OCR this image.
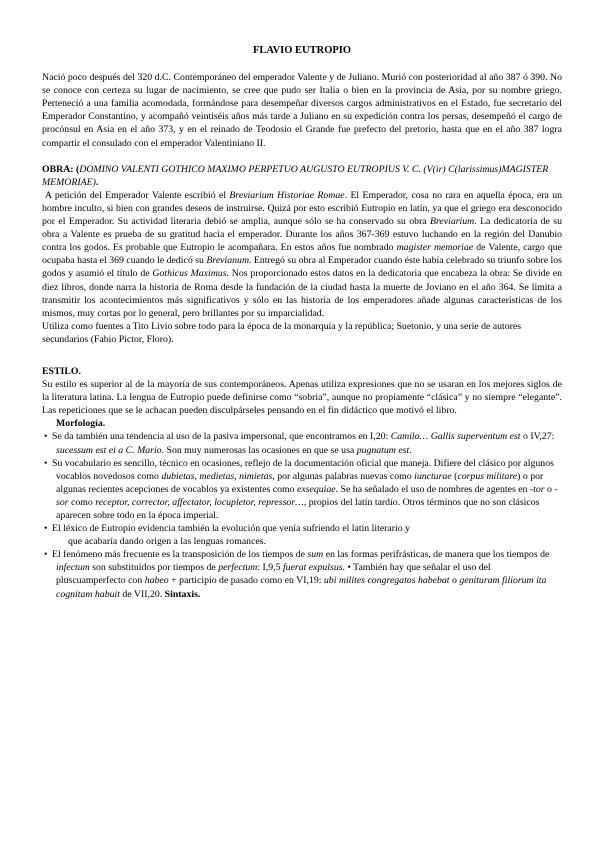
FLAVIO EUTROPIO

Nació poco después del 320 d.C. Contemporáneo del emperador Valente y de Juliano. Murió con posterioridad al año 387 ó 390. No se conoce con certeza su lugar de nacimiento, se cree que pudo ser Italia o bien en la provincia de Asia, por su nombre griego. Perteneció a una familia acomodada, formándose para desempeñar diversos cargos administrativos en el Estado, fue secretario del Emperador Constantino, y acompañó veintiséis años más tarde a Juliano en su expedición contra los persas, desempeñó el cargo de procónsul en Asia en el año 373, y en el reinado de Teodosio el Grande fue prefecto del pretorio, hasta que en el año 387 logra compartir el consulado con el emperador Valentiniano II.

OBRA: (DOMINO VALENTI GOTHICO MAXIMO PERPETUO AUGUSTO EUTROPIUS V. C. (V(ir) C(larissimus)MAGISTER MEMORIAE).

A petición del Emperador Valente escribió el Breviarium Historiae Romae. El Emperador, cosa no rara en aquella época, era un hombre inculto, si bien con grandes deseos de instruirse. Quizá por esto escribió Eutropio en latín, ya que el griego era desconocido por el Emperador. Su actividad literaria debió se amplia, aunque sólo se ha conservado su obra Breviarium. La dedicatoria de su obra a Valente es prueba de su gratitud hacia el emperador. Durante los años 367-369 estuvo luchando en la región del Danubio contra los godos. Es probable que Eutropio le acompañara. En estos años fue nombrado magister memoriae de Valente, cargo que ocupaba hasta el 369 cuando le dedicó su Brevianum. Entregó su obra al Emperador cuando éste había celebrado su triunfo sobre los godos y asumió el título de Gothicus Maximus. Nos proporcionado estos datos en la dedicatoria que encabeza la obra: Se divide en diez libros, donde narra la historia de Roma desde la fundación de la ciudad hasta la muerte de Joviano en el año 364. Se limita a transmitir los acontecimientos más significativos y sólo en las historia de los emperadores añade algunas características de los mismos, muy cortas por lo general, pero brillantes por su imparcialidad.

Utiliza como fuentes a Tito Livio sobre todo para la época de la monarquía y la república; Suetonio, y una serie de autores secundarios (Fabio Pictor, Floro).

ESTILO.

Su estilo es superior al de la mayoría de sus contemporáneos. Apenas utiliza expresiones que no se usaran en los mejores siglos de la literatura latina. La lengua de Eutropio puede definirse como “sobria”, aunque no propiamente “clásica” y no siempre “elegante”. Las repeticiones que se le achacan pueden disculpárseles pensando en el fin didáctico que motivó el libro.

Morfología.

• Se da también una tendencia al uso de la pasiva impersonal, que encontramos en I,20: Camilo… Gallis superventum est o IV,27: sucessum est ei a C. Mario. Son muy numerosas las ocasiones en que se usa pugnatum est.

• Su vocabulario es sencillo, técnico en ocasiones, reflejo de la documentación oficial que maneja. Difiere del clásico por algunos vocablos novedosos como dubietas, medietas, nimietas, por algunas palabras nuevas como iuncturae (corpus militare) o por algunas recientes acepciones de vocablos ya existentes como exsequiae. Se ha señalado el uso de nombres de agentes en -tor o -sor como receptor, corrector, affectator, locupletor, repressor…, propios del latín tardío. Otros términos que no son clásicos aparecen sobre todo en la época imperial.

• El léxico de Eutropio evidencia también la evolución que venía sufriendo el latín literario y
que acabaría dando origen a las lenguas romances.

• El fenómeno más frecuente es la transposición de los tiempos de sum en las formas perifrásticas, de manera que los tiempos de infectum son substituidos por tiempos de perfectum: I,9,5 fuerat expulsus. • También hay que señalar el uso del pluscuamperfecto con habeo + participio de pasado como en VI,19: ubi milites congregatos habebat o genituram filiorum ita cognitam habuit de VII,20. Sintaxis.
